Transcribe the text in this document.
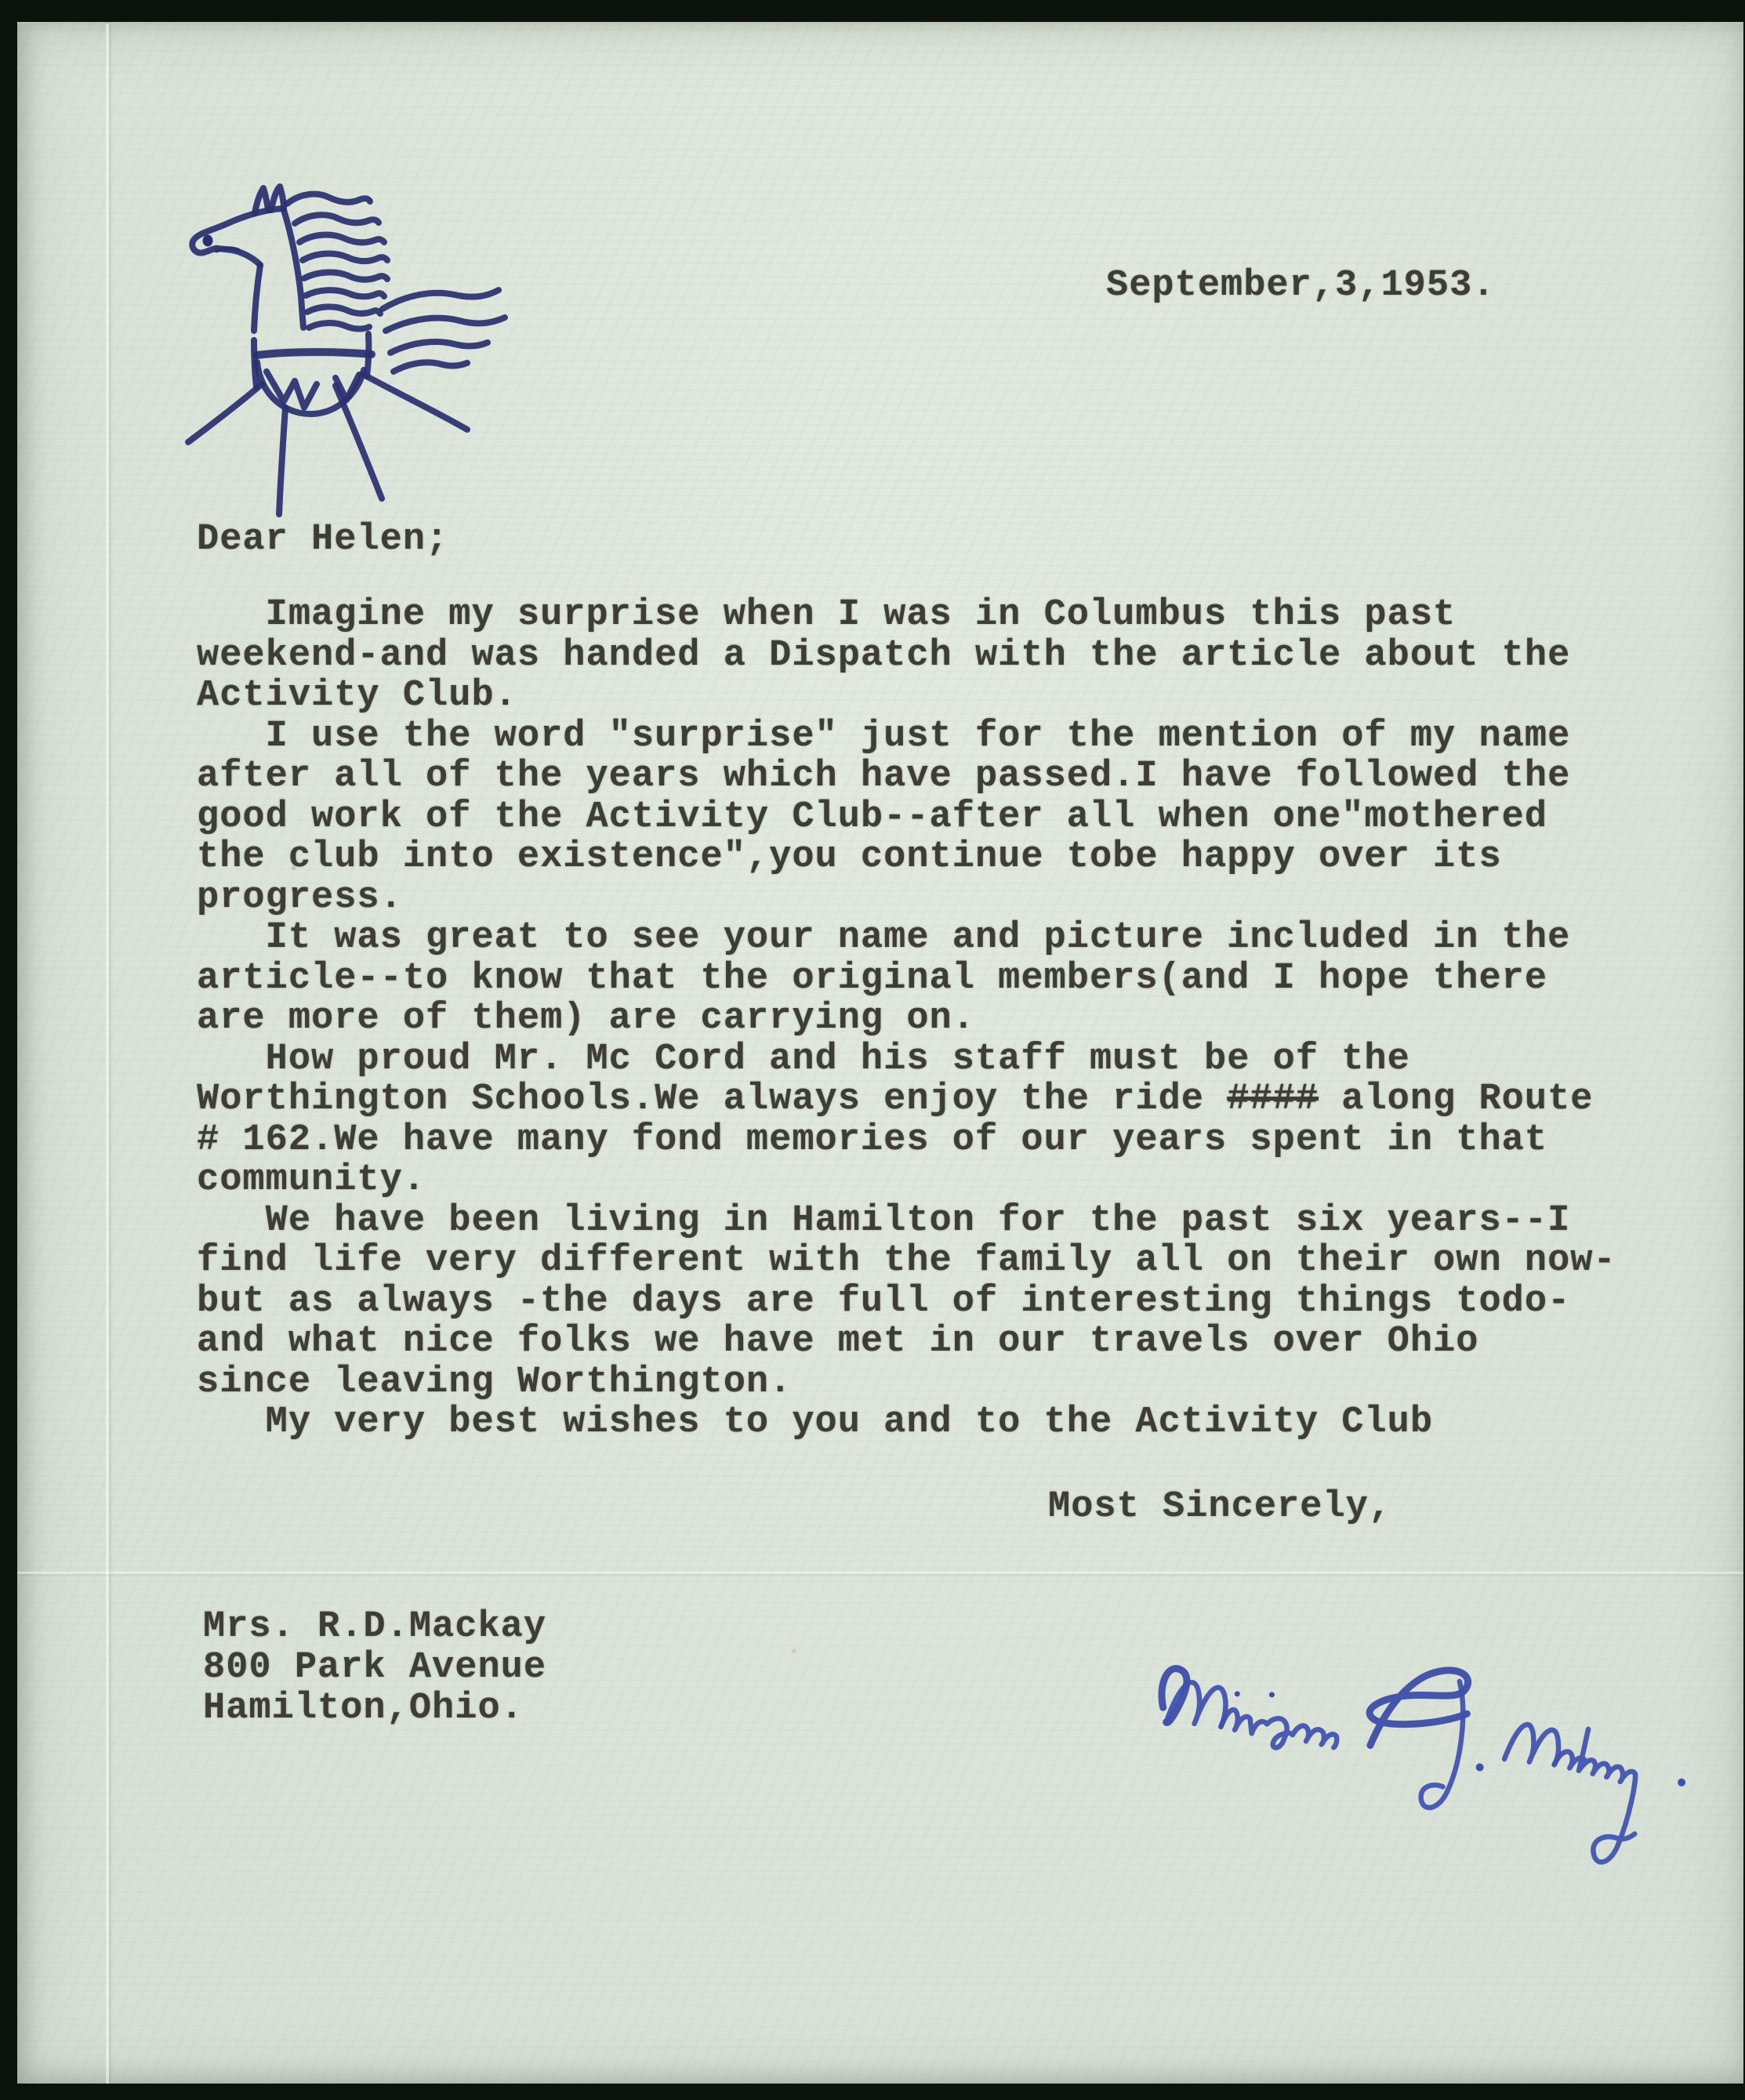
September,3,1953.
Dear Helen;
Imagine my surprise when I was in Columbus this past
weekend-and was handed a Dispatch with the article about the
Activity Club.
I use the word "surprise" just for the mention of my name
after all of the years which have passed.I have followed the
good work of the Activity Club--after all when one"mothered
the club into existence",you continue tobe happy over its
progress.
It was great to see your name and picture included in the
article--to know that the original members(and I hope there
are more of them) are carrying on.
How proud Mr. Mc Cord and his staff must be of the
Worthington Schools.We always enjoy the ride #### along Route
# 162.We have many fond memories of our years spent in that
community.
We have been living in Hamilton for the past six years--I
find life very different with the family all on their own now-
but as always -the days are full of interesting things todo-
and what nice folks we have met in our travels over Ohio
since leaving Worthington.
My very best wishes to you and to the Activity Club
Most Sincerely,
Mrs. R.D.Mackay
800 Park Avenue
Hamilton,Ohio.
